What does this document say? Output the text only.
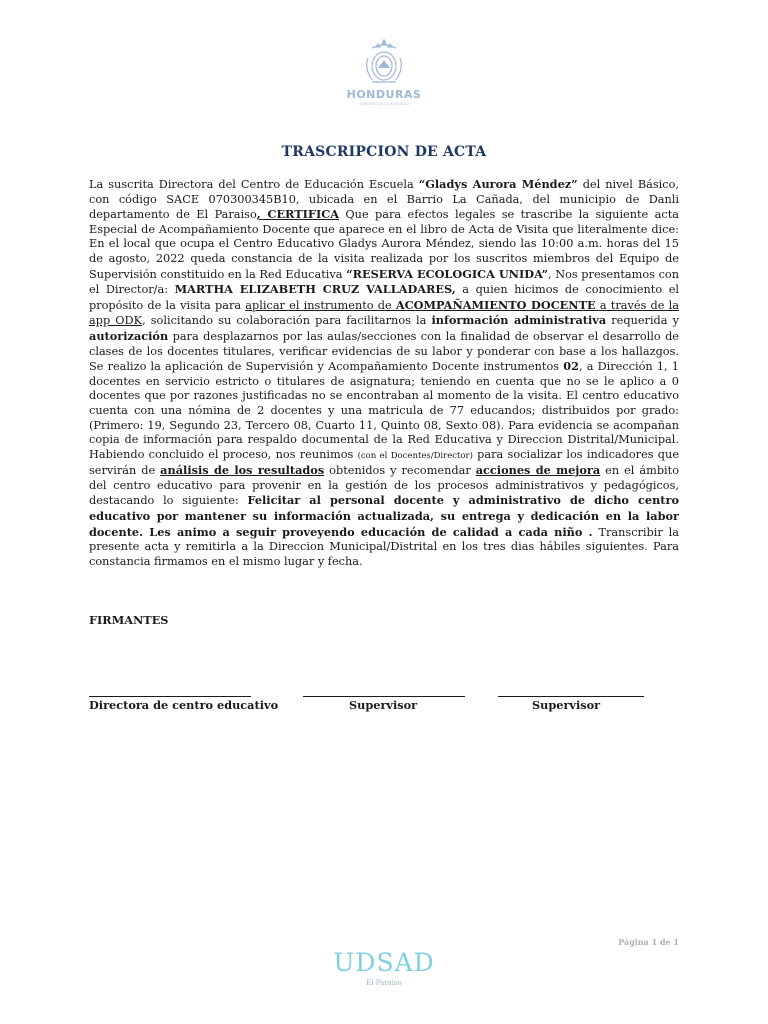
HONDURAS
GOBIERNO DE LA REPÚBLICA
TRASCRIPCION DE ACTA
La suscrita Directora del Centro de Educación Escuela “Gladys Aurora Méndez” del nivel Básico, con código SACE 070300345B10, ubicada en el Barrio La Cañada, del municipio de Danli departamento de El Paraiso, CERTIFICA Que para efectos legales se trascribe la siguiente acta Especial de Acompañamiento Docente que aparece en el libro de Acta de Visita que literalmente dice: En el local que ocupa el Centro Educativo Gladys Aurora Méndez, siendo las 10:00 a.m. horas del 15 de agosto, 2022 queda constancia de la visita realizada por los suscritos miembros del Equipo de Supervisión constituido en la Red Educativa “RESERVA ECOLOGICA UNIDA”, Nos presentamos con el Director/a: MARTHA ELIZABETH CRUZ VALLADARES, a quien hicimos de conocimiento el propósito de la visita para aplicar el instrumento de ACOMPAÑAMIENTO DOCENTE a través de la app ODK, solicitando su colaboración para facilitarnos la información administrativa requerida y autorización para desplazarnos por las aulas/secciones con la finalidad de observar el desarrollo de clases de los docentes titulares, verificar evidencias de su labor y ponderar con base a los hallazgos. Se realizo la aplicación de Supervisión y Acompañamiento Docente instrumentos 02, a Dirección 1, 1 docentes en servicio estricto o titulares de asignatura; teniendo en cuenta que no se le aplico a 0 docentes que por razones justificadas no se encontraban al momento de la visita. El centro educativo cuenta con una nómina de 2 docentes y una matricula de 77 educandos; distribuidos por grado: (Primero: 19, Segundo 23, Tercero 08, Cuarto 11, Quinto 08, Sexto 08). Para evidencia se acompañan copia de información para respaldo documental de la Red Educativa y Direccion Distrital/Municipal. Habiendo concluido el proceso, nos reunimos (con el Docentes/Director) para socializar los indicadores que servirán de análisis de los resultados obtenidos y recomendar acciones de mejora en el ámbito del centro educativo para provenir en la gestión de los procesos administrativos y pedagógicos, destacando lo siguiente: Felicitar al personal docente y administrativo de dicho centro educativo por mantener su información actualizada, su entrega y dedicación en la labor docente. Les animo a seguir proveyendo educación de calidad a cada niño . Transcribir la presente acta y remitirla a la Direccion Municipal/Distrital en los tres dias hábiles siguientes. Para constancia firmamos en el mismo lugar y fecha.
FIRMANTES
Directora de centro educativo	Supervisor	Supervisor
Página 1 de 1
UDSAD
El Paraiso
